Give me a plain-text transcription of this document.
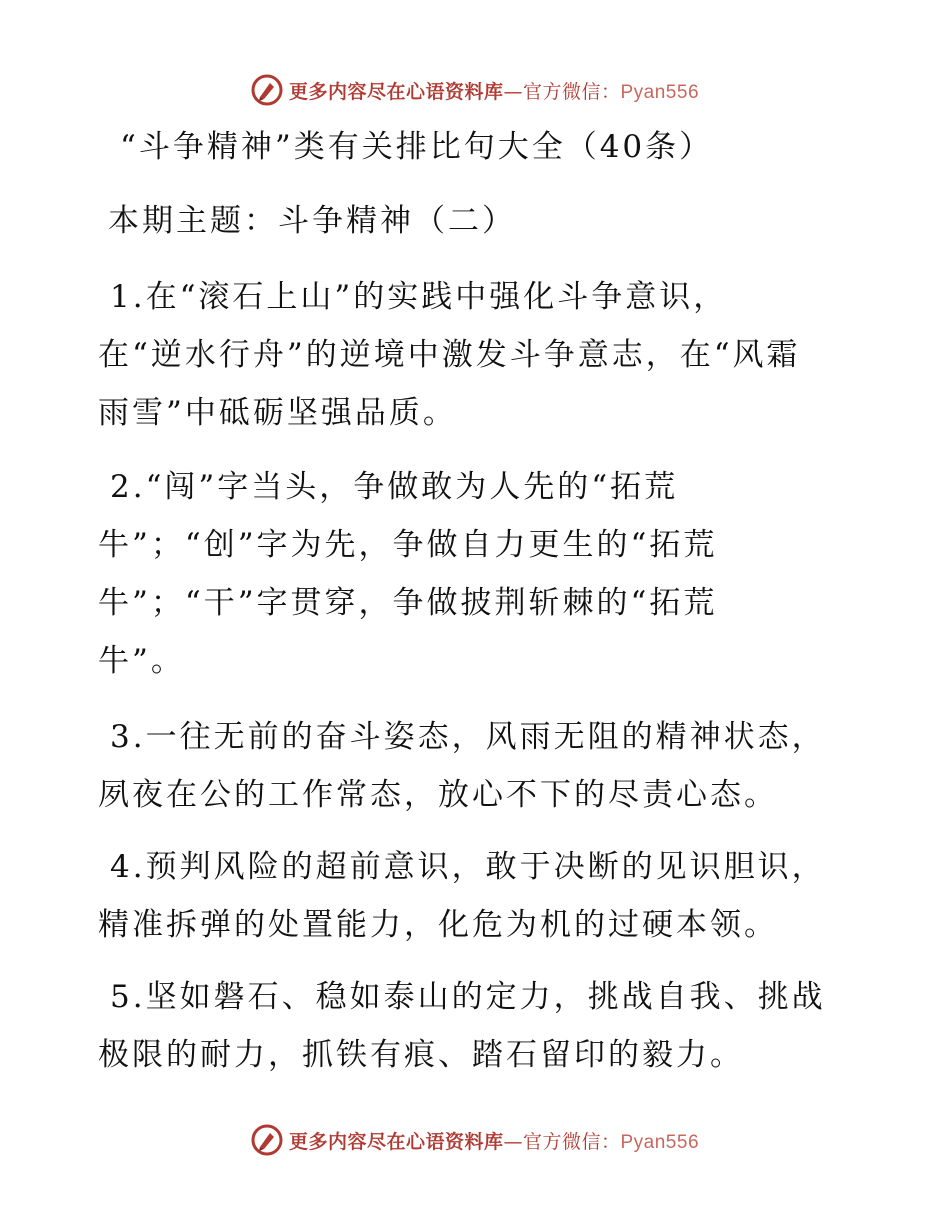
更多内容尽在心语资料库 — 官方微信： Pyan556
“斗争精神”类有关排比句大全（40条）
本期主题：斗争精神（二）
1.在“滚石上山”的实践中强化斗争意识，
在“逆水行舟”的逆境中激发斗争意志，在“风霜
雨雪”中砥砺坚强品质。
2.“闯”字当头，争做敢为人先的“拓荒
牛”；“创”字为先，争做自力更生的“拓荒
牛”；“干”字贯穿，争做披荆斩棘的“拓荒
牛”。
3.一往无前的奋斗姿态，风雨无阻的精神状态，
夙夜在公的工作常态，放心不下的尽责心态。
4.预判风险的超前意识，敢于决断的见识胆识，
精准拆弹的处置能力，化危为机的过硬本领。
5.坚如磐石、稳如泰山的定力，挑战自我、挑战
极限的耐力，抓铁有痕、踏石留印的毅力。
更多内容尽在心语资料库 — 官方微信： Pyan556
